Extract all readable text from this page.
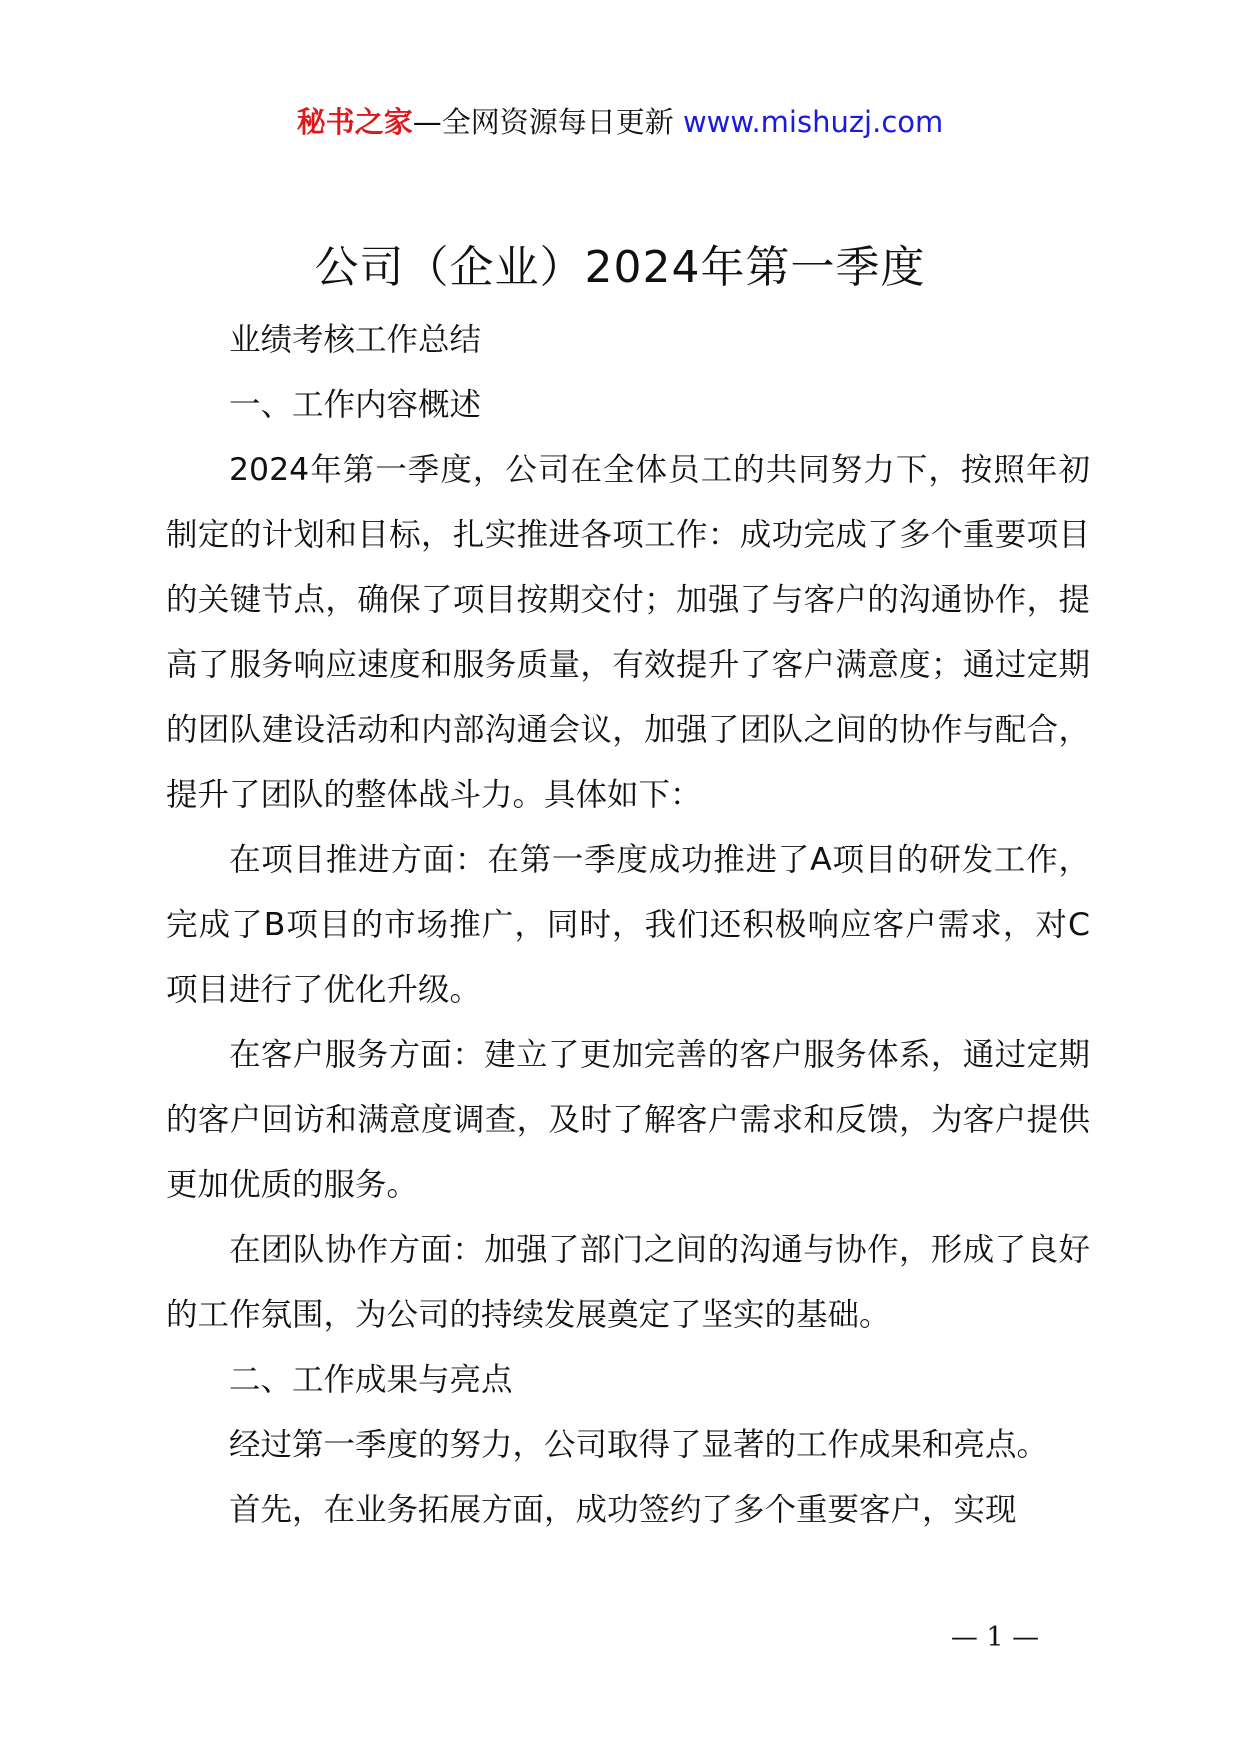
秘书之家—全网资源每日更新 www.mishuzj.com
公司（企业）2024年第一季度

业绩考核工作总结

一、工作内容概述

2024年第一季度，公司在全体员工的共同努力下，按照年初制定的计划和目标，扎实推进各项工作：成功完成了多个重要项目的关键节点，确保了项目按期交付；加强了与客户的沟通协作，提高了服务响应速度和服务质量，有效提升了客户满意度；通过定期的团队建设活动和内部沟通会议，加强了团队之间的协作与配合，提升了团队的整体战斗力。具体如下：

在项目推进方面：在第一季度成功推进了A项目的研发工作，完成了B项目的市场推广，同时，我们还积极响应客户需求，对C项目进行了优化升级。

在客户服务方面：建立了更加完善的客户服务体系，通过定期的客户回访和满意度调查，及时了解客户需求和反馈，为客户提供更加优质的服务。

在团队协作方面：加强了部门之间的沟通与协作，形成了良好的工作氛围，为公司的持续发展奠定了坚实的基础。

二、工作成果与亮点

经过第一季度的努力，公司取得了显著的工作成果和亮点。

首先，在业务拓展方面，成功签约了多个重要客户，实现

— 1 —
